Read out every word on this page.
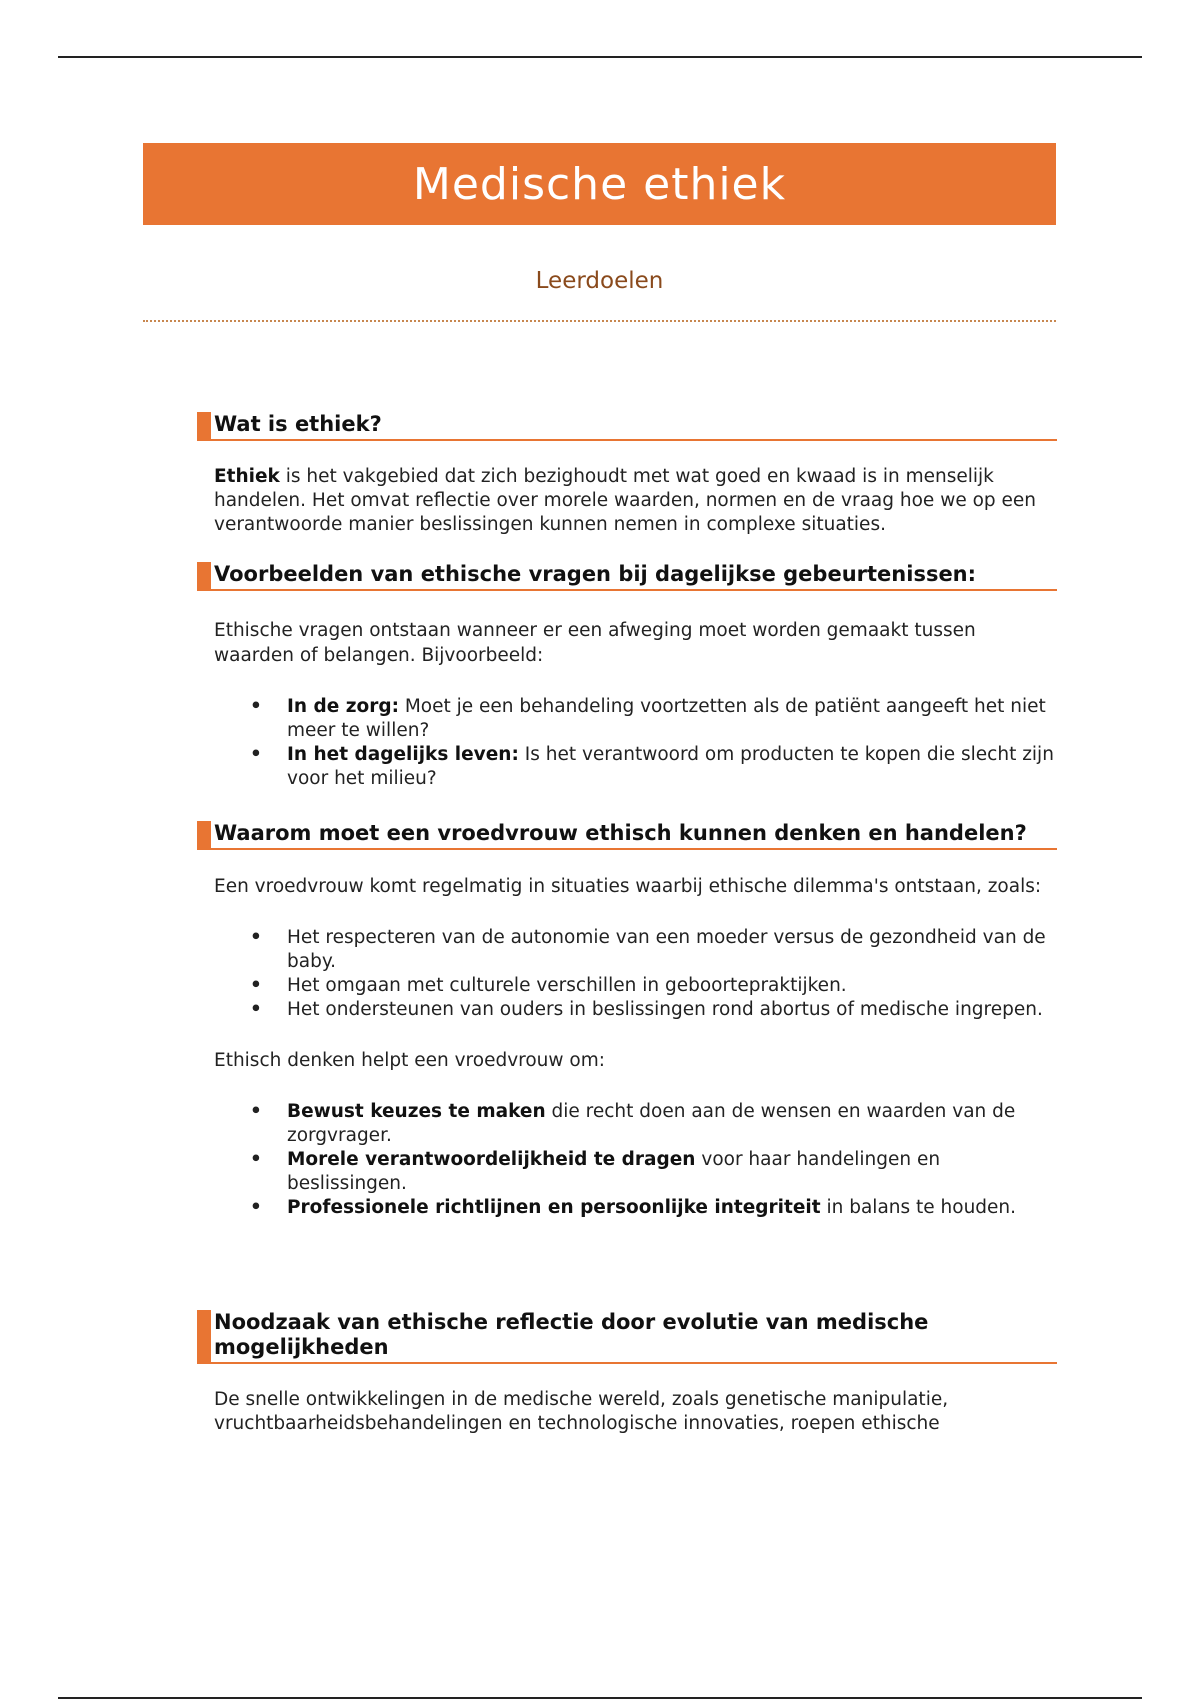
Medische ethiek
Leerdoelen
Wat is ethiek?

Ethiek is het vakgebied dat zich bezighoudt met wat goed en kwaad is in menselijk handelen. Het omvat reflectie over morele waarden, normen en de vraag hoe we op een verantwoorde manier beslissingen kunnen nemen in complexe situaties.

Voorbeelden van ethische vragen bij dagelijkse gebeurtenissen:

Ethische vragen ontstaan wanneer er een afweging moet worden gemaakt tussen waarden of belangen. Bijvoorbeeld:

• In de zorg: Moet je een behandeling voortzetten als de patiënt aangeeft het niet meer te willen?
• In het dagelijks leven: Is het verantwoord om producten te kopen die slecht zijn voor het milieu?
Waarom moet een vroedvrouw ethisch kunnen denken en handelen?

Een vroedvrouw komt regelmatig in situaties waarbij ethische dilemma's ontstaan, zoals:

• Het respecteren van de autonomie van een moeder versus de gezondheid van de baby.
• Het omgaan met culturele verschillen in geboortepraktijken.
• Het ondersteunen van ouders in beslissingen rond abortus of medische ingrepen.

Ethisch denken helpt een vroedvrouw om:

• Bewust keuzes te maken die recht doen aan de wensen en waarden van de zorgvrager.
• Morele verantwoordelijkheid te dragen voor haar handelingen en beslissingen.
• Professionele richtlijnen en persoonlijke integriteit in balans te houden.
Noodzaak van ethische reflectie door evolutie van medische mogelijkheden

De snelle ontwikkelingen in de medische wereld, zoals genetische manipulatie, vruchtbaarheidsbehandelingen en technologische innovaties, roepen ethische
